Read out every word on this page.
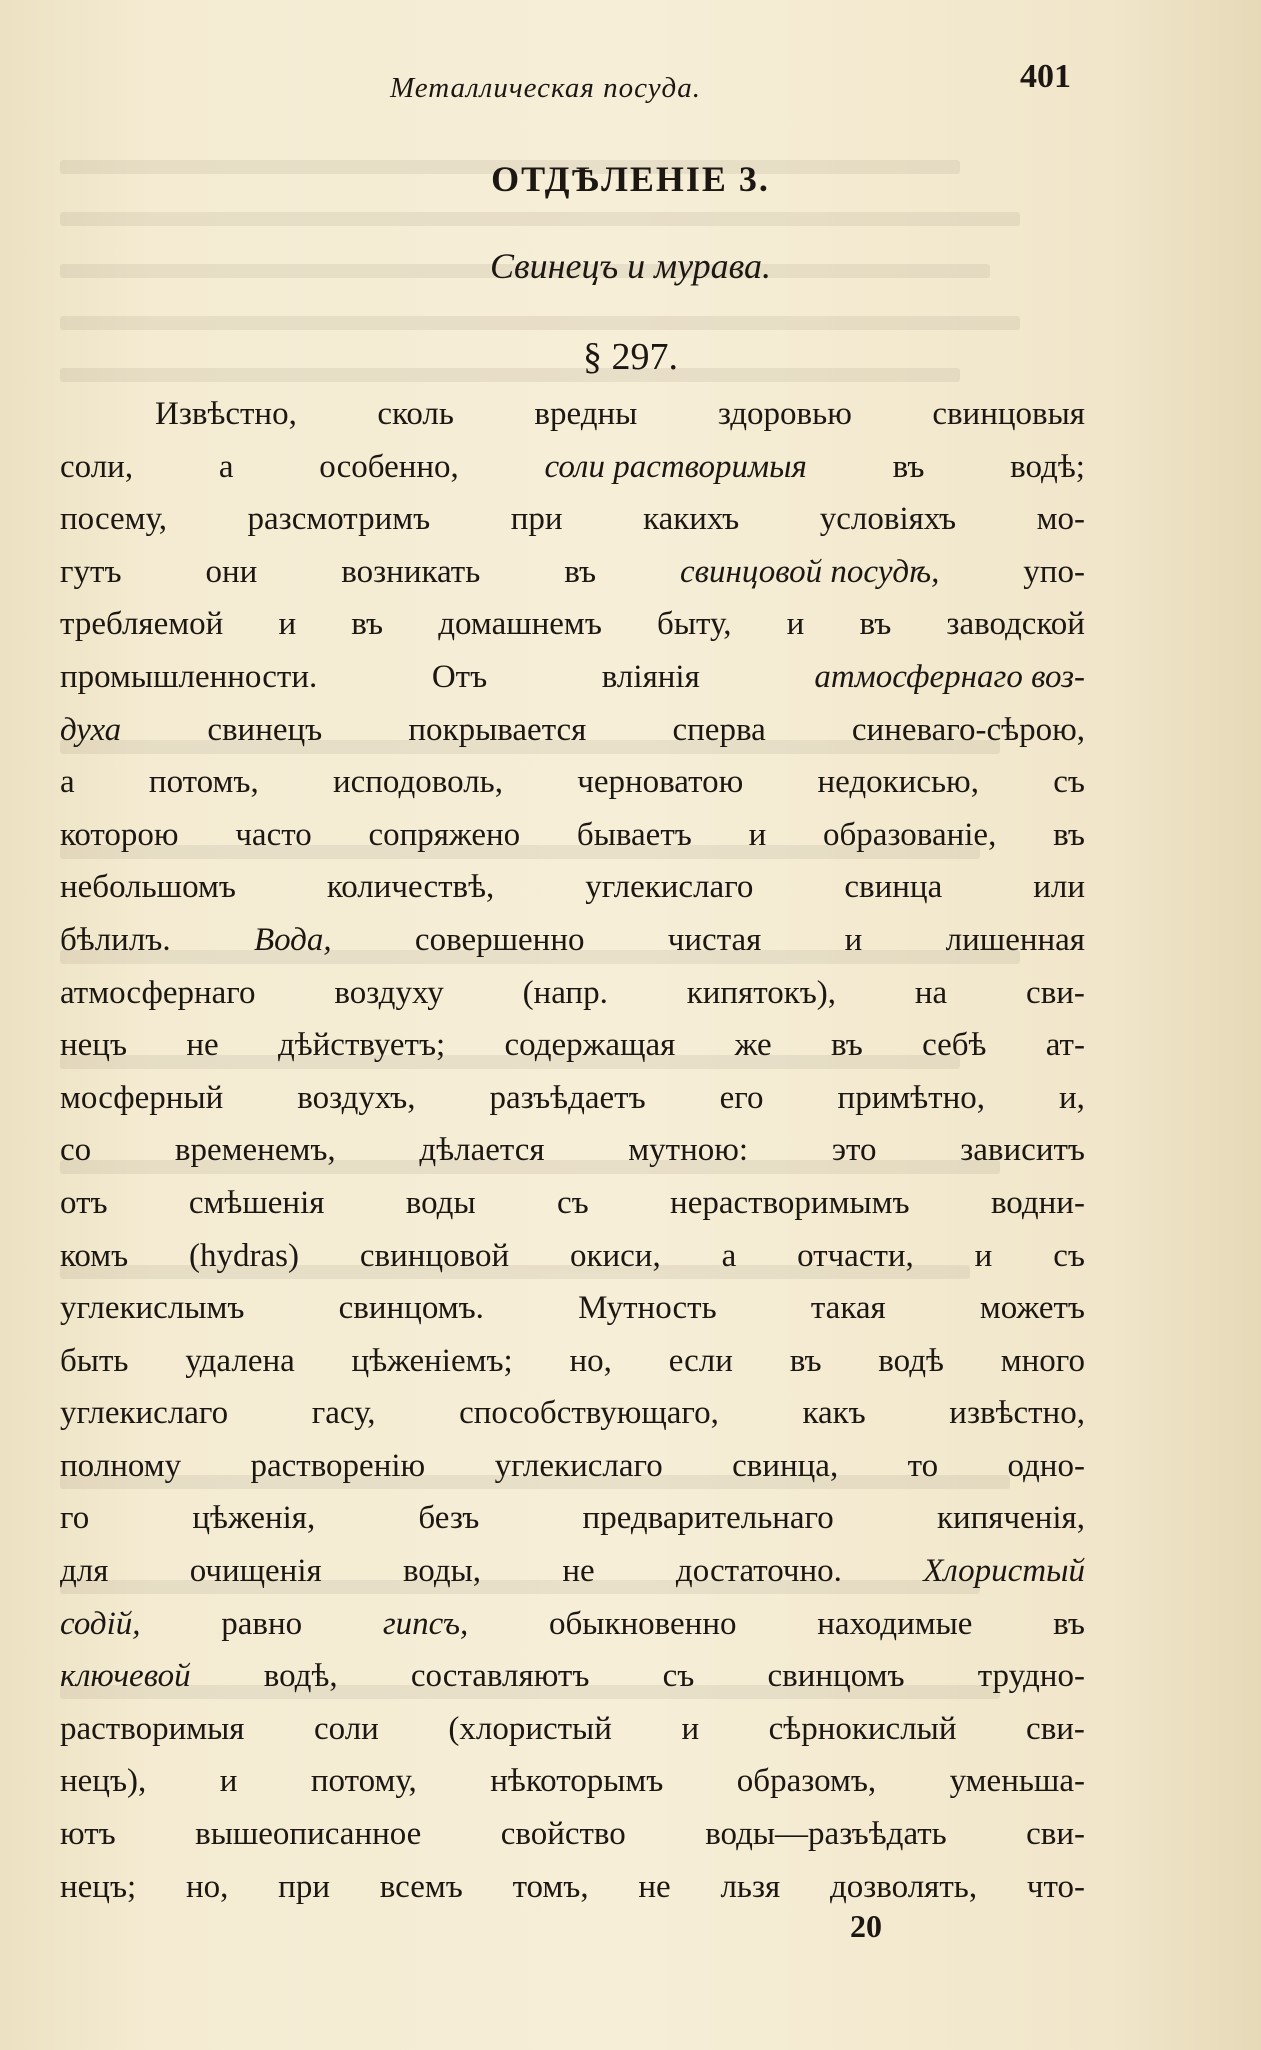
Металлическая посуда.	401
ОТДѢЛЕНІЕ 3.
Свинецъ и мурава.
§ 297.
Извѣстно, сколь вредны здоровью свинцовыя
соли,	а	особенно,	соли растворимыя	въ	водѣ;
посему, разсмотримъ при какихъ условіяхъ мо-
гутъ	они	возникать	въ	свинцовой посудѣ,	упо-
требляемой и въ домашнемъ быту, и въ заводской
промышленности.	Отъ	вліянія	атмосфернаго воз-
духа	свинецъ	покрывается	сперва	синеваго-сѣрою,
а потомъ, исподоволь, черноватою недокисью, съ
которою часто сопряжено бываетъ и образованіе, въ
небольшомъ	количествѣ,	углекислаго	свинца	или
бѣлилъ.	Вода,	совершенно	чистая	и	лишенная
атмосфернаго воздуху (напр. кипятокъ), на сви-
нецъ не дѣйствуетъ; содержащая же въ себѣ ат-
мосферный воздухъ, разъѣдаетъ его примѣтно, и,
со	временемъ,	дѣлается	мутною:	это	зависитъ
отъ смѣшенія воды съ нерастворимымъ водни-
комъ (hydras) свинцовой окиси, а отчасти, и съ
углекислымъ	свинцомъ.	Мутность	такая	можетъ
быть удалена цѣженіемъ; но, если въ водѣ много
углекислаго	гасу,	способствующаго,	какъ	извѣстно,
полному раствоpенію углекислаго свинца, то одно-
го	цѣженія,	безъ	предварительнаго	кипяченія,
для очищенія воды, не достаточно. Хлористый
содій, равно гипсъ, обыкновенно находимые въ
ключевой водѣ, составляютъ съ свинцомъ трудно-
растворимыя соли (хлористый и сѣрнокислый сви-
нецъ), и потому, нѣкоторымъ образомъ, уменьша-
ютъ вышеописанное свойство воды—разъѣдать сви-
нецъ; но, при всемъ томъ, не льзя дозволять, что-
20
